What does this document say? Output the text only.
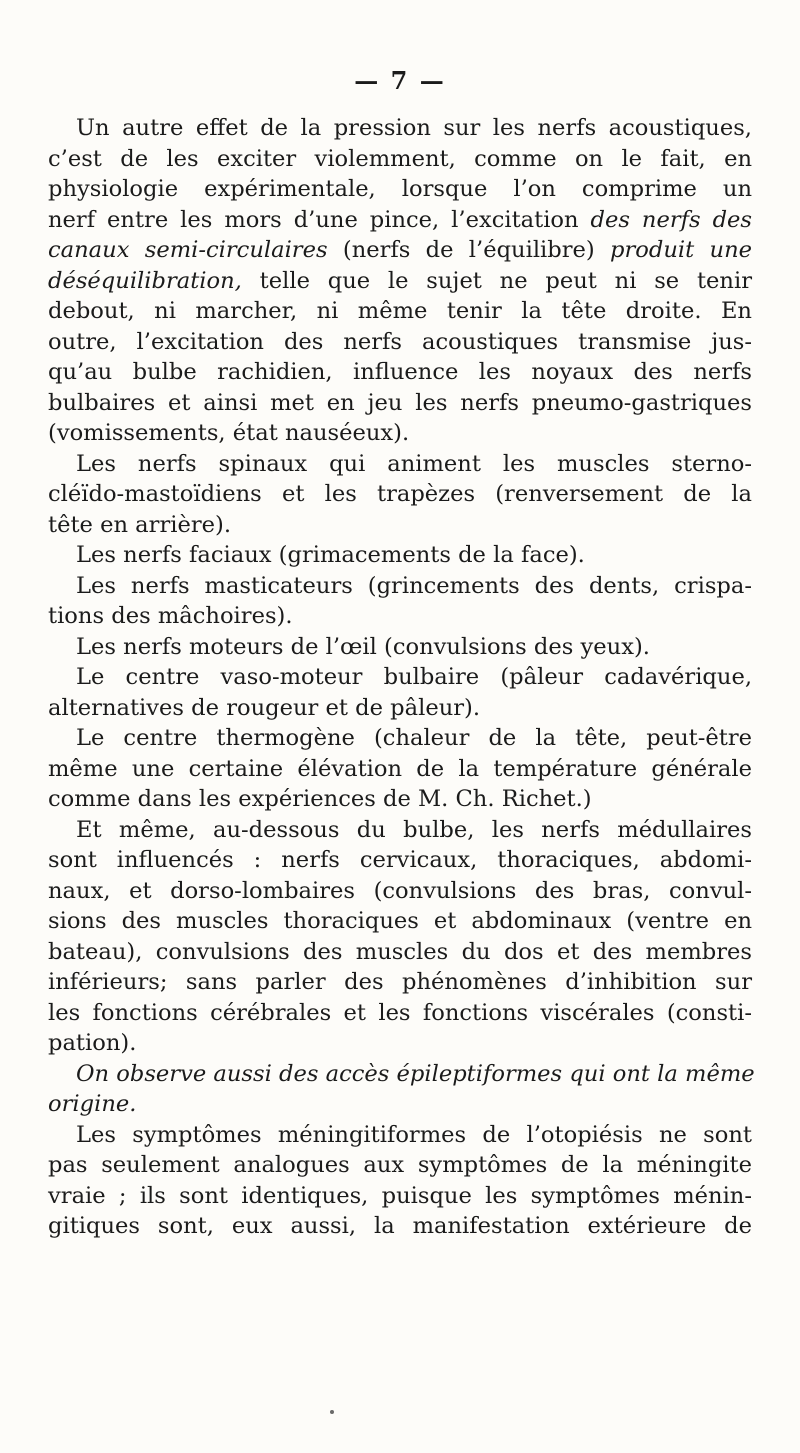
— 7 —
Un autre effet de la pression sur les nerfs acoustiques,
c’est de les exciter violemment, comme on le fait, en
physiologie expérimentale, lorsque l’on comprime un
nerf entre les mors d’une pince, l’excitation des nerfs des
canaux semi-circulaires (nerfs de l’équilibre) produit une
déséquilibration, telle que le sujet ne peut ni se tenir
debout, ni marcher, ni même tenir la tête droite. En
outre, l’excitation des nerfs acoustiques transmise jus-
qu’au bulbe rachidien, influence les noyaux des nerfs
bulbaires et ainsi met en jeu les nerfs pneumo-gastriques
(vomissements, état nauséeux).
Les nerfs spinaux qui animent les muscles sterno-
cléïdo-mastoïdiens et les trapèzes (renversement de la
tête en arrière).
Les nerfs faciaux (grimacements de la face).
Les nerfs masticateurs (grincements des dents, crispa-
tions des mâchoires).
Les nerfs moteurs de l’œil (convulsions des yeux).
Le centre vaso-moteur bulbaire (pâleur cadavérique,
alternatives de rougeur et de pâleur).
Le centre thermogène (chaleur de la tête, peut-être
même une certaine élévation de la température générale
comme dans les expériences de M. Ch. Richet.)
Et même, au-dessous du bulbe, les nerfs médullaires
sont influencés : nerfs cervicaux, thoraciques, abdomi-
naux, et dorso-lombaires (convulsions des bras, convul-
sions des muscles thoraciques et abdominaux (ventre en
bateau), convulsions des muscles du dos et des membres
inférieurs; sans parler des phénomènes d’inhibition sur
les fonctions cérébrales et les fonctions viscérales (consti-
pation).
On observe aussi des accès épileptiformes qui ont la même
origine.
Les symptômes méningitiformes de l’otopiésis ne sont
pas seulement analogues aux symptômes de la méningite
vraie ; ils sont identiques, puisque les symptômes ménin-
gitiques sont, eux aussi, la manifestation extérieure de
